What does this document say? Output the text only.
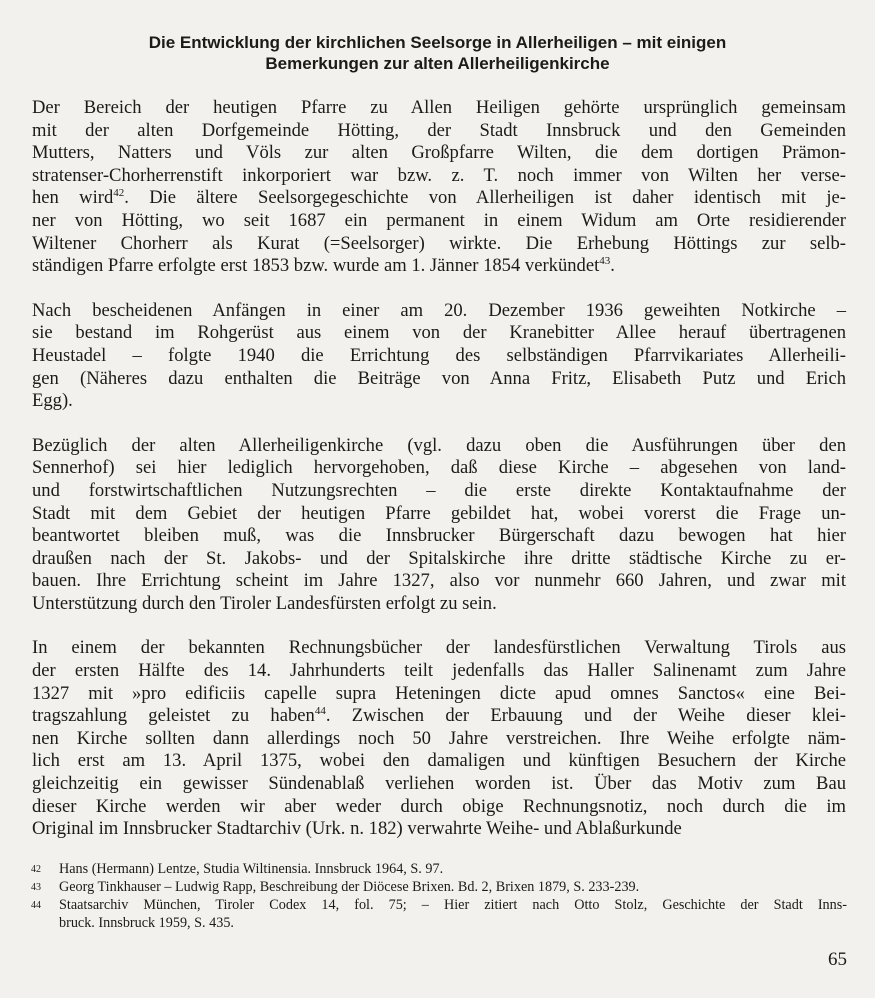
Die Entwicklung der kirchlichen Seelsorge in Allerheiligen – mit einigen
Bemerkungen zur alten Allerheiligenkirche
Der Bereich der heutigen Pfarre zu Allen Heiligen gehörte ursprünglich gemeinsam
mit der alten Dorfgemeinde Hötting, der Stadt Innsbruck und den Gemeinden
Mutters, Natters und Völs zur alten Großpfarre Wilten, die dem dortigen Prämon-
stratenser-Chorherrenstift inkorporiert war bzw. z. T. noch immer von Wilten her verse-
hen wird$^{42}$. Die ältere Seelsorgegeschichte von Allerheiligen ist daher identisch mit je-
ner von Hötting, wo seit 1687 ein permanent in einem Widum am Orte residierender
Wiltener Chorherr als Kurat (=Seelsorger) wirkte. Die Erhebung Höttings zur selb-
ständigen Pfarre erfolgte erst 1853 bzw. wurde am 1. Jänner 1854 verkündet$^{43}$.
Nach bescheidenen Anfängen in einer am 20. Dezember 1936 geweihten Notkirche –
sie bestand im Rohgerüst aus einem von der Kranebitter Allee herauf übertragenen
Heustadel – folgte 1940 die Errichtung des selbständigen Pfarrvikariates Allerheili-
gen (Näheres dazu enthalten die Beiträge von Anna Fritz, Elisabeth Putz und Erich
Egg).
Bezüglich der alten Allerheiligenkirche (vgl. dazu oben die Ausführungen über den
Sennerhof) sei hier lediglich hervorgehoben, daß diese Kirche – abgesehen von land-
und forstwirtschaftlichen Nutzungsrechten – die erste direkte Kontaktaufnahme der
Stadt mit dem Gebiet der heutigen Pfarre gebildet hat, wobei vorerst die Frage un-
beantwortet bleiben muß, was die Innsbrucker Bürgerschaft dazu bewogen hat hier
draußen nach der St. Jakobs- und der Spitalskirche ihre dritte städtische Kirche zu er-
bauen. Ihre Errichtung scheint im Jahre 1327, also vor nunmehr 660 Jahren, und zwar mit
Unterstützung durch den Tiroler Landesfürsten erfolgt zu sein.
In einem der bekannten Rechnungsbücher der landesfürstlichen Verwaltung Tirols aus
der ersten Hälfte des 14. Jahrhunderts teilt jedenfalls das Haller Salinenamt zum Jahre
1327 mit »pro edificiis capelle supra Heteningen dicte apud omnes Sanctos« eine Bei-
tragszahlung geleistet zu haben$^{44}$. Zwischen der Erbauung und der Weihe dieser klei-
nen Kirche sollten dann allerdings noch 50 Jahre verstreichen. Ihre Weihe erfolgte näm-
lich erst am 13. April 1375, wobei den damaligen und künftigen Besuchern der Kirche
gleichzeitig ein gewisser Sündenablaß verliehen worden ist. Über das Motiv zum Bau
dieser Kirche werden wir aber weder durch obige Rechnungsnotiz, noch durch die im
Original im Innsbrucker Stadtarchiv (Urk. n. 182) verwahrte Weihe- und Ablaßurkunde
42 Hans (Hermann) Lentze, Studia Wiltinensia. Innsbruck 1964, S. 97.
43 Georg Tinkhauser – Ludwig Rapp, Beschreibung der Diöcese Brixen. Bd. 2, Brixen 1879, S. 233-239.
44 Staatsarchiv München, Tiroler Codex 14, fol. 75; – Hier zitiert nach Otto Stolz, Geschichte der Stadt Inns-
bruck. Innsbruck 1959, S. 435.
65
